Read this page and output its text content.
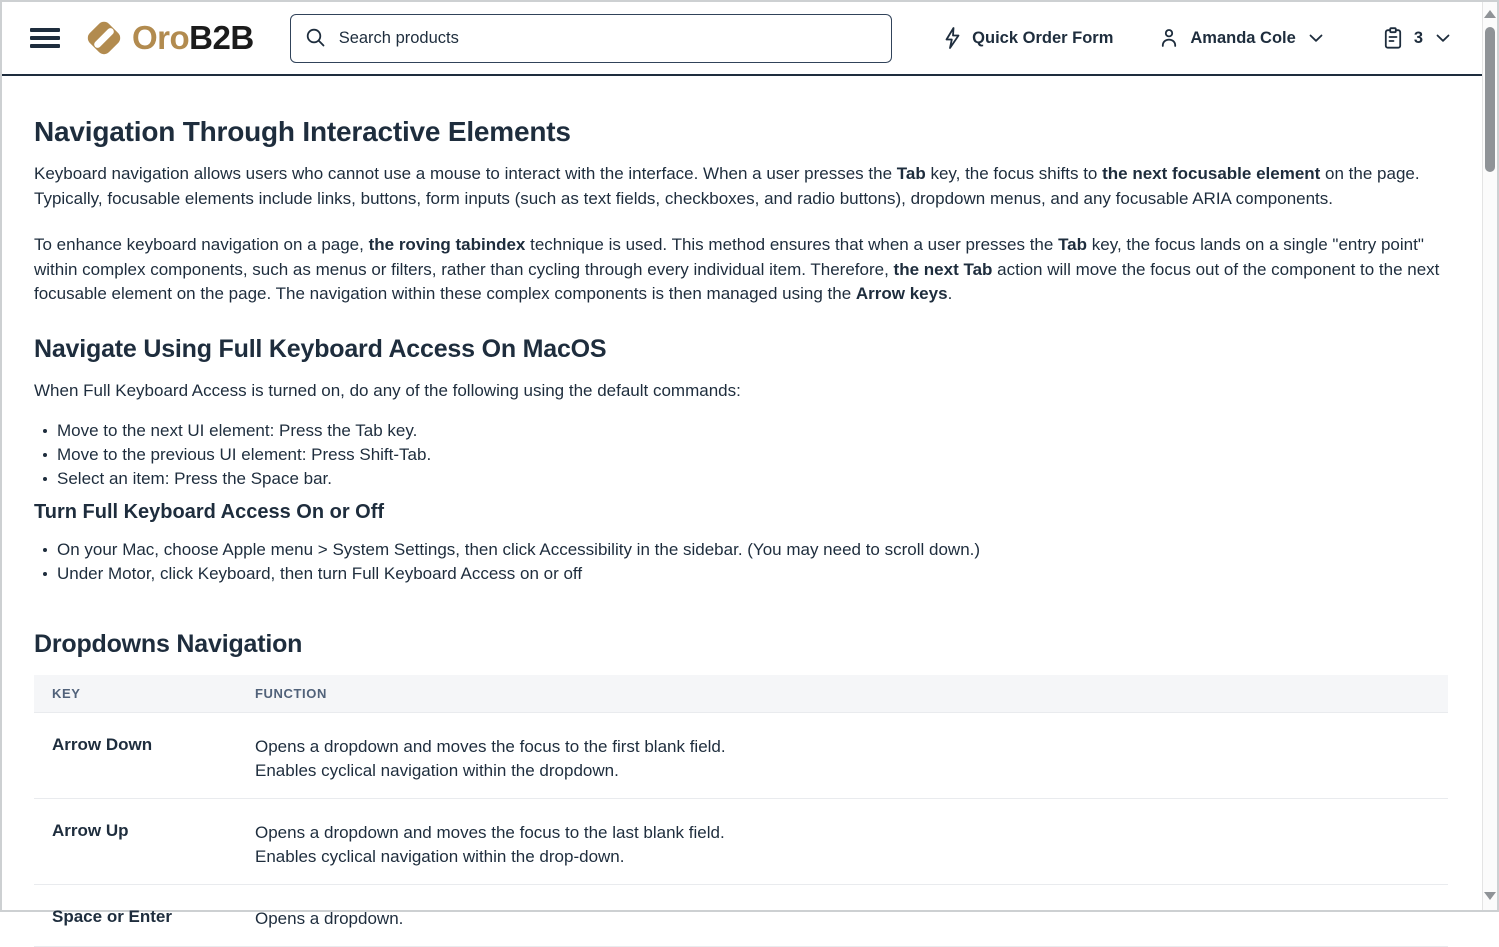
OroB2B
Search products	Quick Order Form	Amanda Cole	3
Navigation Through Interactive Elements

Keyboard navigation allows users who cannot use a mouse to interact with the interface. When a user presses the Tab key, the focus shifts to the next focusable element on the page. Typically, focusable elements include links, buttons, form inputs (such as text fields, checkboxes, and radio buttons), dropdown menus, and any focusable ARIA components.

To enhance keyboard navigation on a page, the roving tabindex technique is used. This method ensures that when a user presses the Tab key, the focus lands on a single "entry point" within complex components, such as menus or filters, rather than cycling through every individual item. Therefore, the next Tab action will move the focus out of the component to the next focusable element on the page. The navigation within these complex components is then managed using the Arrow keys.

Navigate Using Full Keyboard Access On MacOS

When Full Keyboard Access is turned on, do any of the following using the default commands:

Move to the next UI element: Press the Tab key.
Move to the previous UI element: Press Shift-Tab.
Select an item: Press the Space bar.
Turn Full Keyboard Access On or Off
On your Mac, choose Apple menu > System Settings, then click Accessibility in the sidebar. (You may need to scroll down.)
Under Motor, click Keyboard, then turn Full Keyboard Access on or off
Dropdowns Navigation
KEY	FUNCTION
Arrow Down	Opens a dropdown and moves the focus to the first blank field.
Enables cyclical navigation within the dropdown.

Arrow Up	Opens a dropdown and moves the focus to the last blank field.
Enables cyclical navigation within the drop-down.

Space or Enter	Opens a dropdown.
